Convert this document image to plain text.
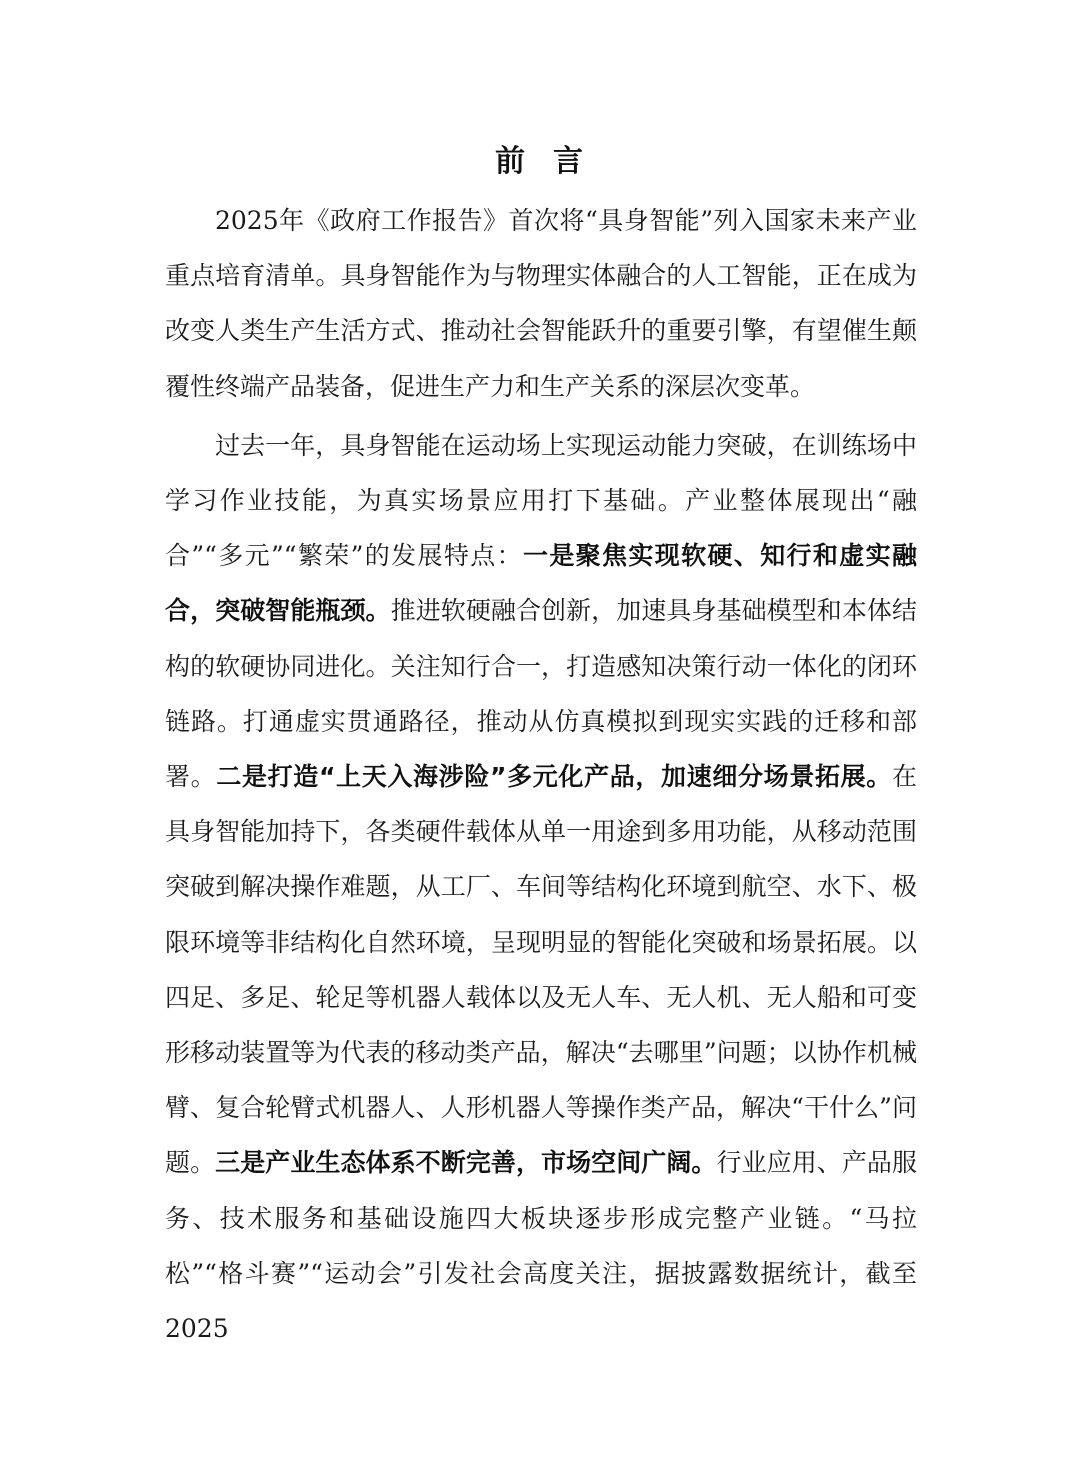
前 言

2025年《政府工作报告》首次将“具身智能”列入国家未来产业重点培育清单。具身智能作为与物理实体融合的人工智能，正在成为改变人类生产生活方式、推动社会智能跃升的重要引擎，有望催生颠覆性终端产品装备，促进生产力和生产关系的深层次变革。

过去一年，具身智能在运动场上实现运动能力突破，在训练场中学习作业技能，为真实场景应用打下基础。产业整体展现出“融合”“多元”“繁荣”的发展特点：一是聚焦实现软硬、知行和虚实融合，突破智能瓶颈。推进软硬融合创新，加速具身基础模型和本体结构的软硬协同进化。关注知行合一，打造感知决策行动一体化的闭环链路。打通虚实贯通路径，推动从仿真模拟到现实实践的迁移和部署。二是打造“上天入海涉险”多元化产品，加速细分场景拓展。在具身智能加持下，各类硬件载体从单一用途到多用功能，从移动范围突破到解决操作难题，从工厂、车间等结构化环境到航空、水下、极限环境等非结构化自然环境，呈现明显的智能化突破和场景拓展。以四足、多足、轮足等机器人载体以及无人车、无人机、无人船和可变形移动装置等为代表的移动类产品，解决“去哪里”问题；以协作机械臂、复合轮臂式机器人、人形机器人等操作类产品，解决“干什么”问题。三是产业生态体系不断完善，市场空间广阔。行业应用、产品服务、技术服务和基础设施四大板块逐步形成完整产业链。“马拉松”“格斗赛”“运动会”引发社会高度关注，据披露数据统计，截至2025
